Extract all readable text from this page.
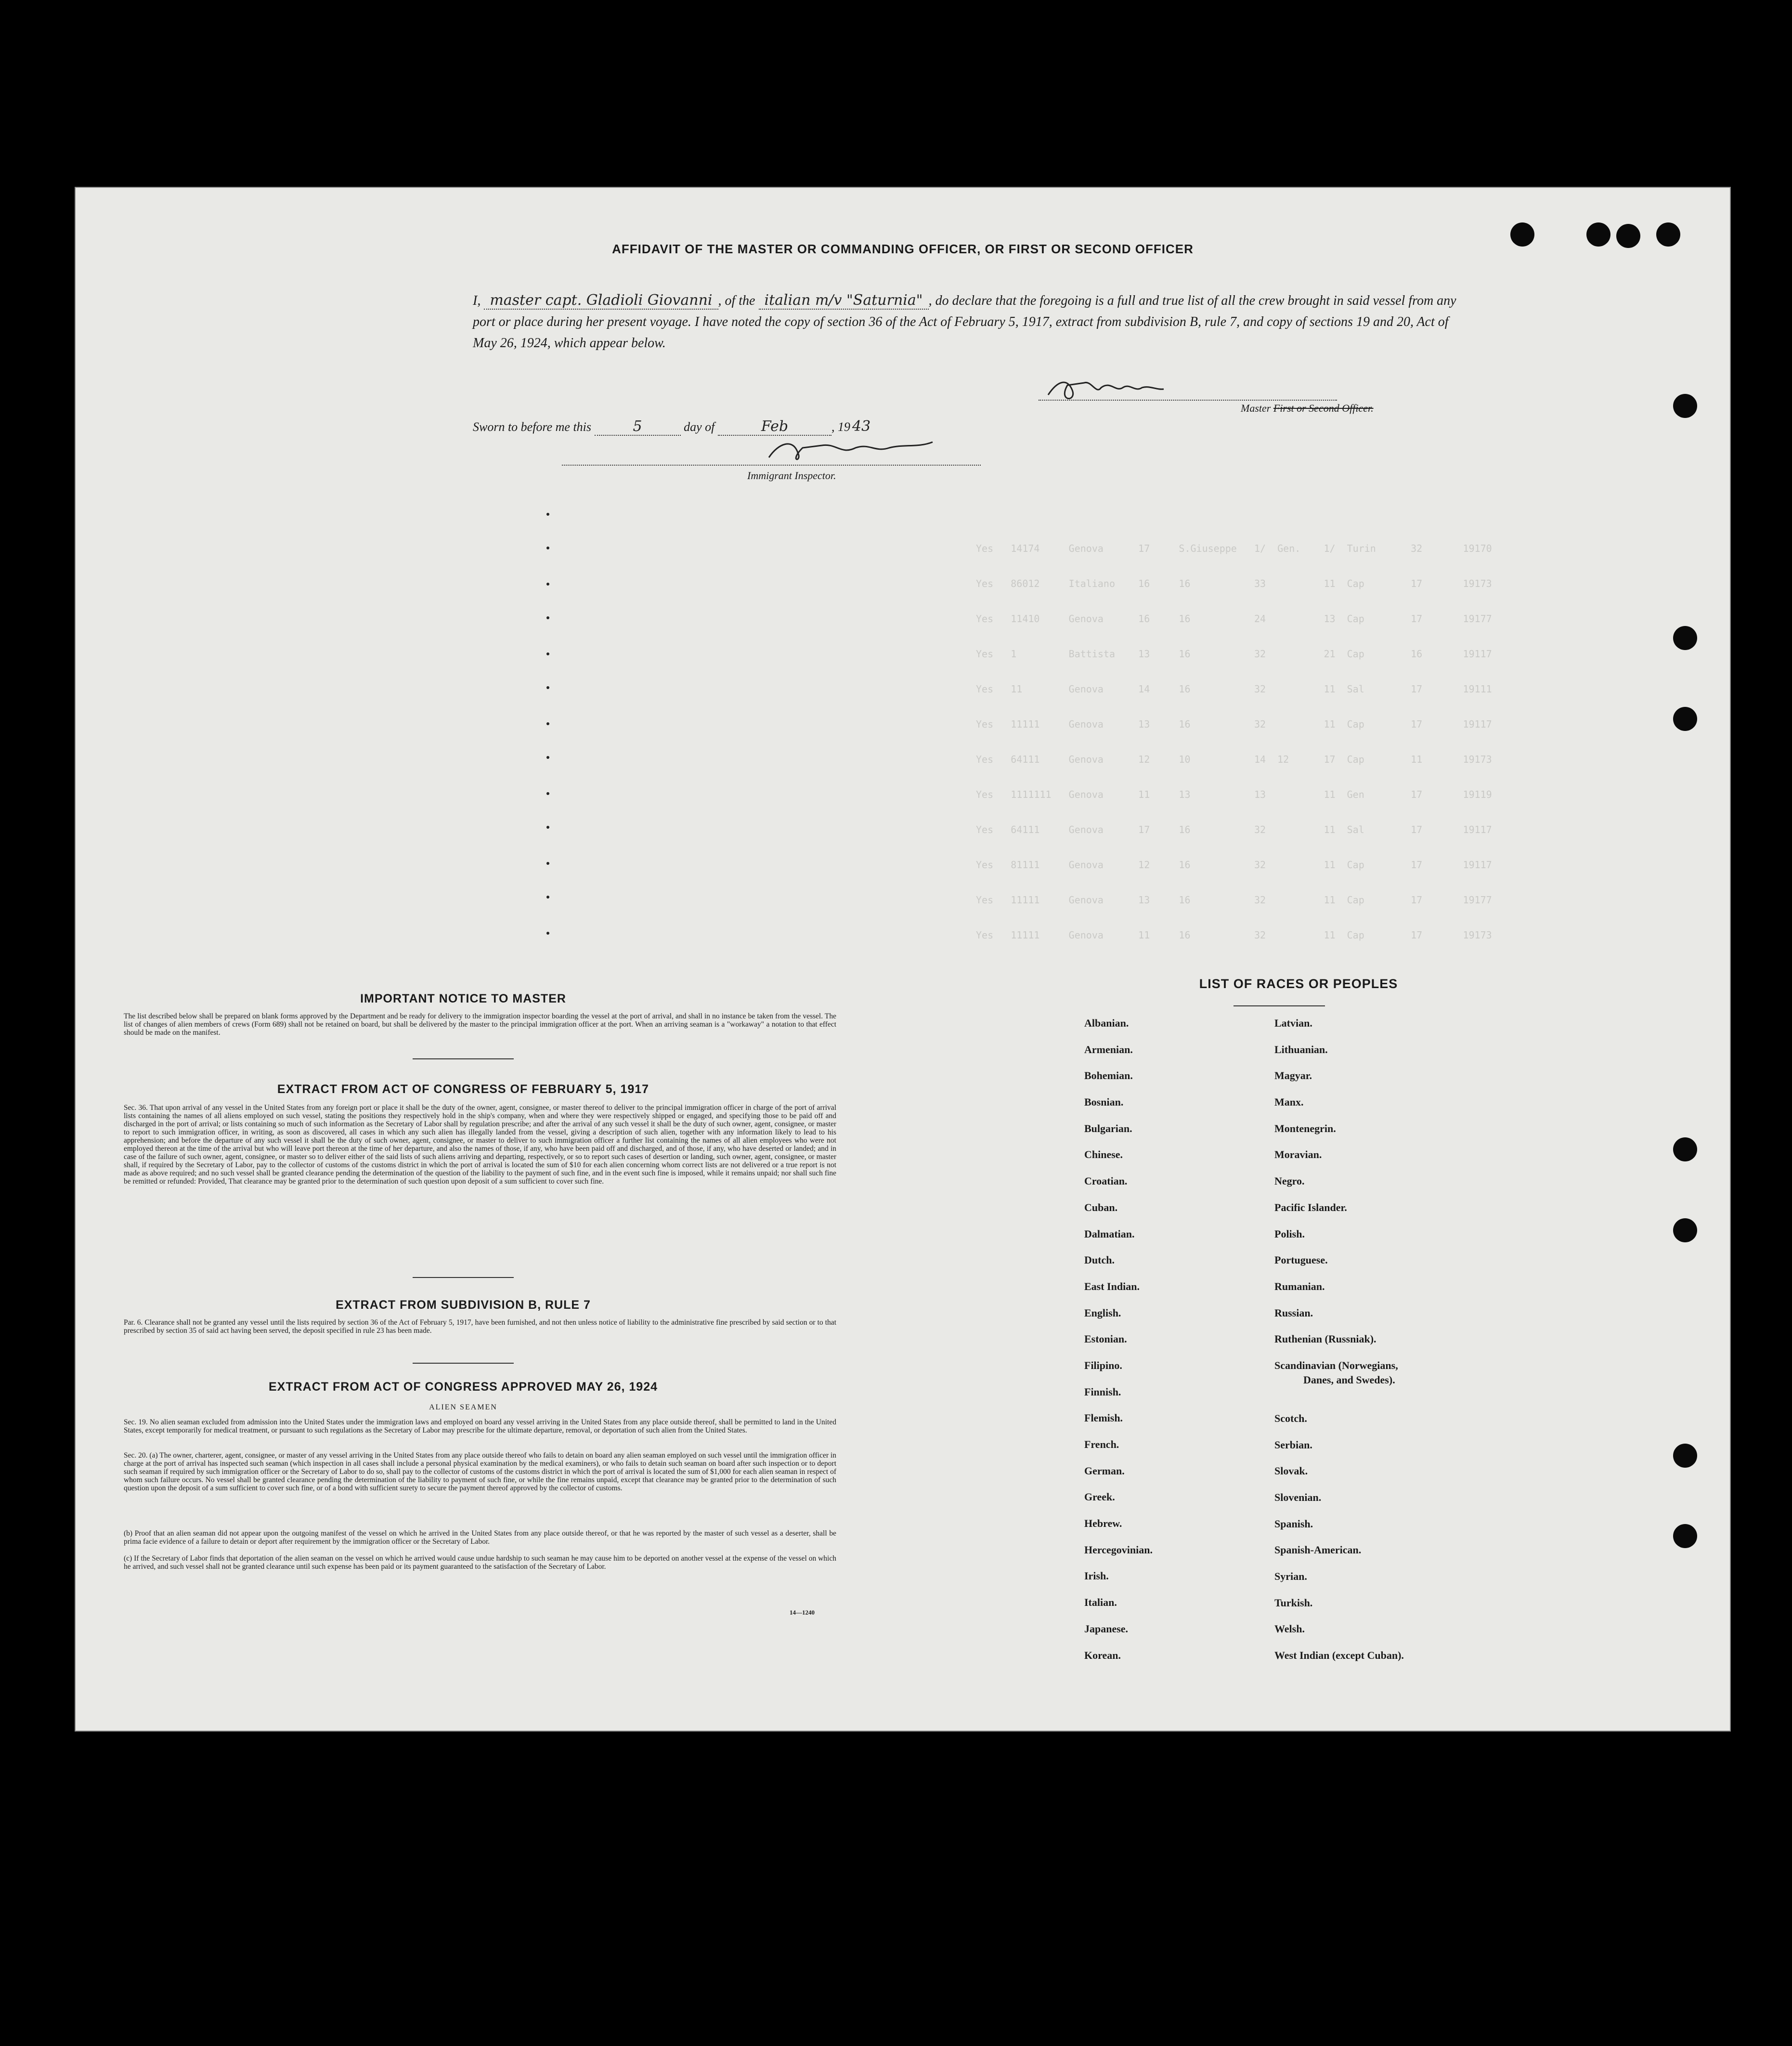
Yes   14174     Genova      17     S.Giuseppe   1/  Gen.    1/  Turin      32       19170
Yes   86012     Italiano    16     16           33          11  Cap        17       19173
Yes   11410     Genova      16     16           24          13  Cap        17       19177
Yes   1         Battista    13     16           32          21  Cap        16       19117
Yes   11        Genova      14     16           32          11  Sal        17       19111
Yes   11111     Genova      13     16           32          11  Cap        17       19117
Yes   64111     Genova      12     10           14  12      17  Cap        11       19173
Yes   1111111   Genova      11     13           13          11  Gen        17       19119
Yes   64111     Genova      17     16           32          11  Sal        17       19117
Yes   81111     Genova      12     16           32          11  Cap        17       19117
Yes   11111     Genova      13     16           32          11  Cap        17       19177
Yes   11111     Genova      11     16           32          11  Cap        17       19173

AFFIDAVIT OF THE MASTER OR COMMANDING OFFICER, OR FIRST OR SECOND OFFICER
I, master capt. Gladioli Giovanni , of the italian m/v "Saturnia" , do declare that the foregoing is a full and true list of all the crew brought in said vessel from any port or place during her present voyage. I have noted the copy of section 36 of the Act of February 5, 1917, extract from subdivision B, rule 7, and copy of sections 19 and 20, Act of May 26, 1924, which appear below.
Master First or Second Officer.
Sworn to before me this	5	day of	Feb	, 19 43
Immigrant Inspector.
IMPORTANT NOTICE TO MASTER
The list described below shall be prepared on blank forms approved by the Department and be ready for delivery to the immigration inspector boarding the vessel at the port of arrival, and shall in no instance be taken from the vessel. The list of changes of alien members of crews (Form 689) shall not be retained on board, but shall be delivered by the master to the principal immigration officer at the port. When an arriving seaman is a "workaway" a notation to that effect should be made on the manifest.
EXTRACT FROM ACT OF CONGRESS OF FEBRUARY 5, 1917
Sec. 36. That upon arrival of any vessel in the United States from any foreign port or place it shall be the duty of the owner, agent, consignee, or master thereof to deliver to the principal immigration officer in charge of the port of arrival lists containing the names of all aliens employed on such vessel, stating the positions they respectively hold in the ship's company, when and where they were respectively shipped or engaged, and specifying those to be paid off and discharged in the port of arrival; or lists containing so much of such information as the Secretary of Labor shall by regulation prescribe; and after the arrival of any such vessel it shall be the duty of such owner, agent, consignee, or master to report to such immigration officer, in writing, as soon as discovered, all cases in which any such alien has illegally landed from the vessel, giving a description of such alien, together with any information likely to lead to his apprehension; and before the departure of any such vessel it shall be the duty of such owner, agent, consignee, or master to deliver to such immigration officer a further list containing the names of all alien employees who were not employed thereon at the time of the arrival but who will leave port thereon at the time of her departure, and also the names of those, if any, who have been paid off and discharged, and of those, if any, who have deserted or landed; and in case of the failure of such owner, agent, consignee, or master so to deliver either of the said lists of such aliens arriving and departing, respectively, or so to report such cases of desertion or landing, such owner, agent, consignee, or master shall, if required by the Secretary of Labor, pay to the collector of customs of the customs district in which the port of arrival is located the sum of $10 for each alien concerning whom correct lists are not delivered or a true report is not made as above required; and no such vessel shall be granted clearance pending the determination of the question of the liability to the payment of such fine, and in the event such fine is imposed, while it remains unpaid; nor shall such fine be remitted or refunded: Provided, That clearance may be granted prior to the determination of such question upon deposit of a sum sufficient to cover such fine.
EXTRACT FROM SUBDIVISION B, RULE 7
Par. 6. Clearance shall not be granted any vessel until the lists required by section 36 of the Act of February 5, 1917, have been furnished, and not then unless notice of liability to the administrative fine prescribed by said section or to that prescribed by section 35 of said act having been served, the deposit specified in rule 23 has been made.
EXTRACT FROM ACT OF CONGRESS APPROVED MAY 26, 1924
ALIEN SEAMEN
Sec. 19. No alien seaman excluded from admission into the United States under the immigration laws and employed on board any vessel arriving in the United States from any place outside thereof, shall be permitted to land in the United States, except temporarily for medical treatment, or pursuant to such regulations as the Secretary of Labor may prescribe for the ultimate departure, removal, or deportation of such alien from the United States.
Sec. 20. (a) The owner, charterer, agent, consignee, or master of any vessel arriving in the United States from any place outside thereof who fails to detain on board any alien seaman employed on such vessel until the immigration officer in charge at the port of arrival has inspected such seaman (which inspection in all cases shall include a personal physical examination by the medical examiners), or who fails to detain such seaman on board after such inspection or to deport such seaman if required by such immigration officer or the Secretary of Labor to do so, shall pay to the collector of customs of the customs district in which the port of arrival is located the sum of $1,000 for each alien seaman in respect of whom such failure occurs. No vessel shall be granted clearance pending the determination of the liability to payment of such fine, or while the fine remains unpaid, except that clearance may be granted prior to the determination of such question upon the deposit of a sum sufficient to cover such fine, or of a bond with sufficient surety to secure the payment thereof approved by the collector of customs.
(b) Proof that an alien seaman did not appear upon the outgoing manifest of the vessel on which he arrived in the United States from any place outside thereof, or that he was reported by the master of such vessel as a deserter, shall be prima facie evidence of a failure to detain or deport after requirement by the immigration officer or the Secretary of Labor.
(c) If the Secretary of Labor finds that deportation of the alien seaman on the vessel on which he arrived would cause undue hardship to such seaman he may cause him to be deported on another vessel at the expense of the vessel on which he arrived, and such vessel shall not be granted clearance until such expense has been paid or its payment guaranteed to the satisfaction of the Secretary of Labor.
14—1240
LIST OF RACES OR PEOPLES
Albanian.
Armenian.
Bohemian.
Bosnian.
Bulgarian.
Chinese.
Croatian.
Cuban.
Dalmatian.
Dutch.
East Indian.
English.
Estonian.
Filipino.
Finnish.
Flemish.
French.
German.
Greek.
Hebrew.
Hercegovinian.
Irish.
Italian.
Japanese.
Korean.
Latvian.
Lithuanian.
Magyar.
Manx.
Montenegrin.
Moravian.
Negro.
Pacific Islander.
Polish.
Portuguese.
Rumanian.
Russian.
Ruthenian (Russniak).
Scandinavian (Norwegians,
Danes, and Swedes).
Scotch.
Serbian.
Slovak.
Slovenian.
Spanish.
Spanish-American.
Syrian.
Turkish.
Welsh.
West Indian (except Cuban).
